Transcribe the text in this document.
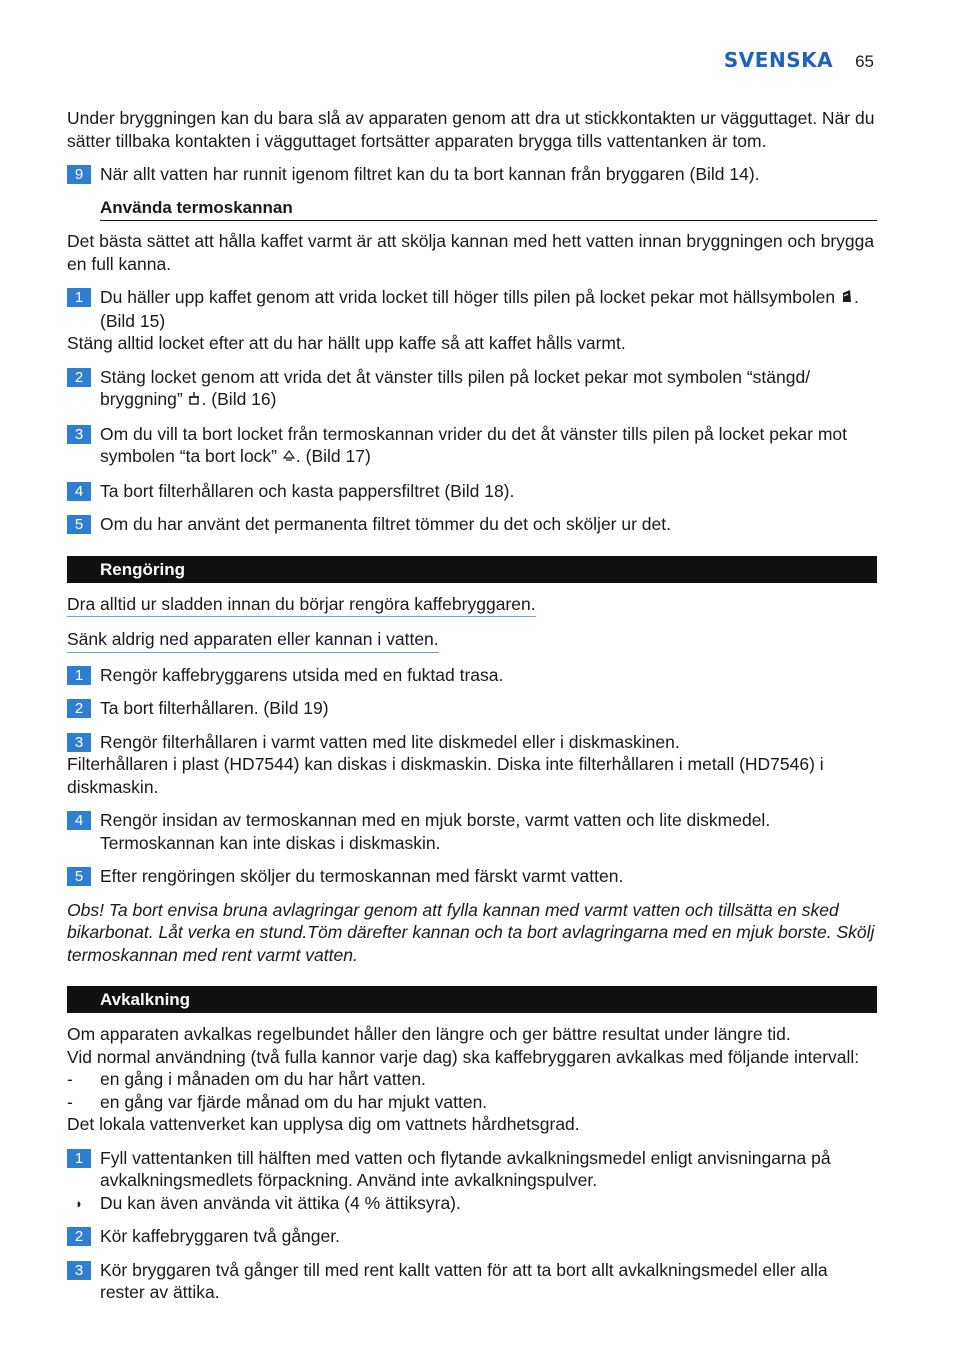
SVENSKA 65

Under bryggningen kan du bara slå av apparaten genom att dra ut stickkontakten ur vägguttaget. När du sätter tillbaka kontakten i vägguttaget fortsätter apparaten brygga tills vattentanken är tom.

9 När allt vatten har runnit igenom filtret kan du ta bort kannan från bryggaren (Bild 14).
Använda termoskannan

Det bästa sättet att hålla kaffet varmt är att skölja kannan med hett vatten innan bryggningen och brygga en full kanna.

1 Du häller upp kaffet genom att vrida locket till höger tills pilen på locket pekar mot hällsymbolen . (Bild 15)

Stäng alltid locket efter att du har hällt upp kaffe så att kaffet hålls varmt.

2 Stäng locket genom att vrida det åt vänster tills pilen på locket pekar mot symbolen “stängd/ bryggning” . (Bild 16)
3 Om du vill ta bort locket från termoskannan vrider du det åt vänster tills pilen på locket pekar mot symbolen “ta bort lock” . (Bild 17)
4 Ta bort filterhållaren och kasta pappersfiltret (Bild 18).
5 Om du har använt det permanenta filtret tömmer du det och sköljer ur det.
Rengöring
Dra alltid ur sladden innan du börjar rengöra kaffebryggaren.
Sänk aldrig ned apparaten eller kannan i vatten.
1 Rengör kaffebryggarens utsida med en fuktad trasa.
2 Ta bort filterhållaren. (Bild 19)
3 Rengör filterhållaren i varmt vatten med lite diskmedel eller i diskmaskinen.

Filterhållaren i plast (HD7544) kan diskas i diskmaskin. Diska inte filterhållaren i metall (HD7546) i diskmaskin.

4 Rengör insidan av termoskannan med en mjuk borste, varmt vatten och lite diskmedel. Termoskannan kan inte diskas i diskmaskin.
5 Efter rengöringen sköljer du termoskannan med färskt varmt vatten.

Obs! Ta bort envisa bruna avlagringar genom att fylla kannan med varmt vatten och tillsätta en sked bikarbonat. Låt verka en stund.Töm därefter kannan och ta bort avlagringarna med en mjuk borste. Skölj termoskannan med rent varmt vatten.

Avkalkning

Om apparaten avkalkas regelbundet håller den längre och ger bättre resultat under längre tid.

Vid normal användning (två fulla kannor varje dag) ska kaffebryggaren avkalkas med följande intervall:

- en gång i månaden om du har hårt vatten.
- en gång var fjärde månad om du har mjukt vatten.

Det lokala vattenverket kan upplysa dig om vattnets hårdhetsgrad.

1 Fyll vattentanken till hälften med vatten och flytande avkalkningsmedel enligt anvisningarna på avkalkningsmedlets förpackning. Använd inte avkalkningspulver.
◗ Du kan även använda vit ättika (4 % ättiksyra).
2 Kör kaffebryggaren två gånger.
3 Kör bryggaren två gånger till med rent kallt vatten för att ta bort allt avkalkningsmedel eller alla rester av ättika.
